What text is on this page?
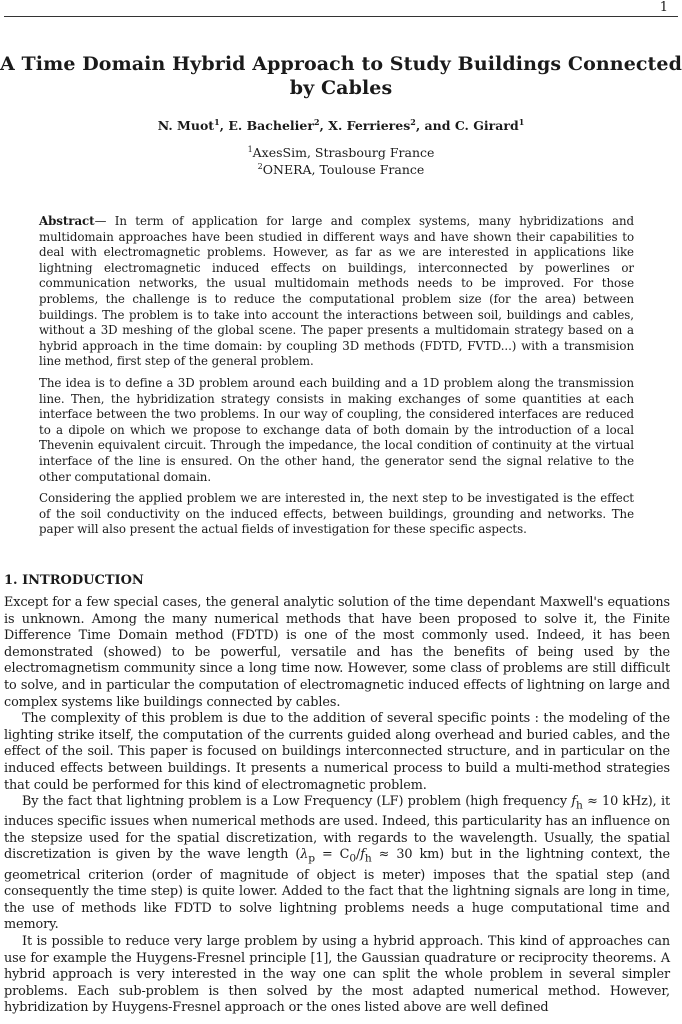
1
A Time Domain Hybrid Approach to Study Buildings Connected by Cables
N. Muot$^1$, E. Bachelier$^2$, X. Ferrieres$^2$, and C. Girard$^1$
$^1$AxesSim, Strasbourg France
$^2$ONERA, Toulouse France

Abstract— In term of application for large and complex systems, many hybridizations and multidomain approaches have been studied in different ways and have shown their capabilities to deal with electromagnetic problems. However, as far as we are interested in applications like lightning electromagnetic induced effects on buildings, interconnected by powerlines or communication networks, the usual multidomain methods needs to be improved. For those problems, the challenge is to reduce the computational problem size (for the area) between buildings. The problem is to take into account the interactions between soil, buildings and cables, without a 3D meshing of the global scene. The paper presents a multidomain strategy based on a hybrid approach in the time domain: by coupling 3D methods (FDTD, FVTD...) with a transmision line method, first step of the general problem.

The idea is to define a 3D problem around each building and a 1D problem along the transmission line. Then, the hybridization strategy consists in making exchanges of some quantities at each interface between the two problems. In our way of coupling, the considered interfaces are reduced to a dipole on which we propose to exchange data of both domain by the introduction of a local Thevenin equivalent circuit. Through the impedance, the local condition of continuity at the virtual interface of the line is ensured. On the other hand, the generator send the signal relative to the other computational domain.

Considering the applied problem we are interested in, the next step to be investigated is the effect of the soil conductivity on the induced effects, between buildings, grounding and networks. The paper will also present the actual fields of investigation for these specific aspects.

1. INTRODUCTION

Except for a few special cases, the general analytic solution of the time dependant Maxwell's equations is unknown. Among the many numerical methods that have been proposed to solve it, the Finite Difference Time Domain method (FDTD) is one of the most commonly used. Indeed, it has been demonstrated (showed) to be powerful, versatile and has the benefits of being used by the electromagnetism community since a long time now. However, some class of problems are still difficult to solve, and in particular the computation of electromagnetic induced effects of lightning on large and complex systems like buildings connected by cables.

The complexity of this problem is due to the addition of several specific points : the modeling of the lighting strike itself, the computation of the currents guided along overhead and buried cables, and the effect of the soil. This paper is focused on buildings interconnected structure, and in particular on the induced effects between buildings. It presents a numerical process to build a multi-method strategies that could be performed for this kind of electromagnetic problem.

By the fact that lightning problem is a Low Frequency (LF) problem (high frequency $f_h \approx 10$ kHz), it induces specific issues when numerical methods are used. Indeed, this particularity has an influence on the stepsize used for the spatial discretization, with regards to the wavelength. Usually, the spatial discretization is given by the wave length ($\lambda_p = C_0/f_h \approx 30$ km) but in the lightning context, the geometrical criterion (order of magnitude of object is meter) imposes that the spatial step (and consequently the time step) is quite lower. Added to the fact that the lightning signals are long in time, the use of methods like FDTD to solve lightning problems needs a huge computational time and memory.

It is possible to reduce very large problem by using a hybrid approach. This kind of approaches can use for example the Huygens-Fresnel principle [1], the Gaussian quadrature or reciprocity theorems. A hybrid approach is very interested in the way one can split the whole problem in several simpler problems. Each sub-problem is then solved by the most adapted numerical method. However, hybridization by Huygens-Fresnel approach or the ones listed above are well defined
